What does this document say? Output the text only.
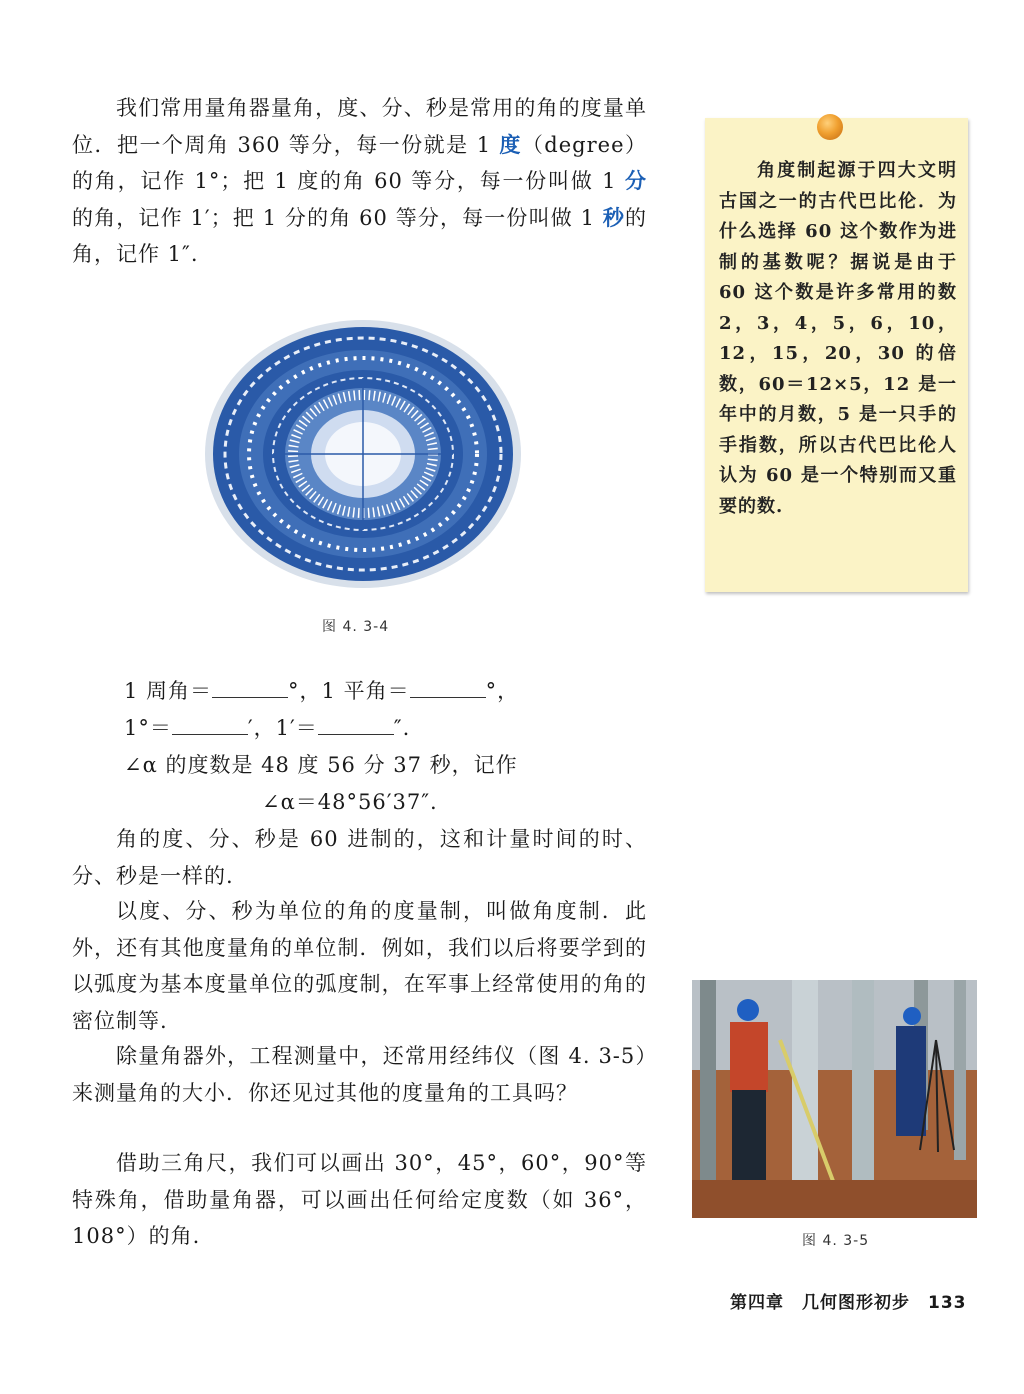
我们常用量角器量角，度、分、秒是常用的角的度量单位．把一个周角 360 等分，每一份就是 1 度（degree）的角，记作 1°；把 1 度的角 60 等分，每一份叫做 1 分的角，记作 1′；把 1 分的角 60 等分，每一份叫做 1 秒的角，记作 1″.

图 4. 3-4

角度制起源于四大文明古国之一的古代巴比伦．为什么选择 60 这个数作为进制的基数呢？据说是由于 60 这个数是许多常用的数 2，3，4，5，6，10，12，15，20，30 的倍数，60＝12×5，12 是一年中的月数，5 是一只手的手指数，所以古代巴比伦人认为 60 是一个特别而又重要的数.

1 周角＝	°，1 平角＝	°，
1°＝	′，1′＝	″.
∠α 的度数是 48 度 56 分 37 秒，记作
∠α＝48°56′37″.

角的度、分、秒是 60 进制的，这和计量时间的时、分、秒是一样的.

以度、分、秒为单位的角的度量制，叫做角度制．此外，还有其他度量角的单位制．例如，我们以后将要学到的以弧度为基本度量单位的弧度制，在军事上经常使用的角的密位制等.

除量角器外，工程测量中，还常用经纬仪（图 4. 3-5）来测量角的大小．你还见过其他的度量角的工具吗？

借助三角尺，我们可以画出 30°，45°，60°，90°等特殊角，借助量角器，可以画出任何给定度数（如 36°，108°）的角.	图 4. 3-5
第四章　几何图形初步　 133
